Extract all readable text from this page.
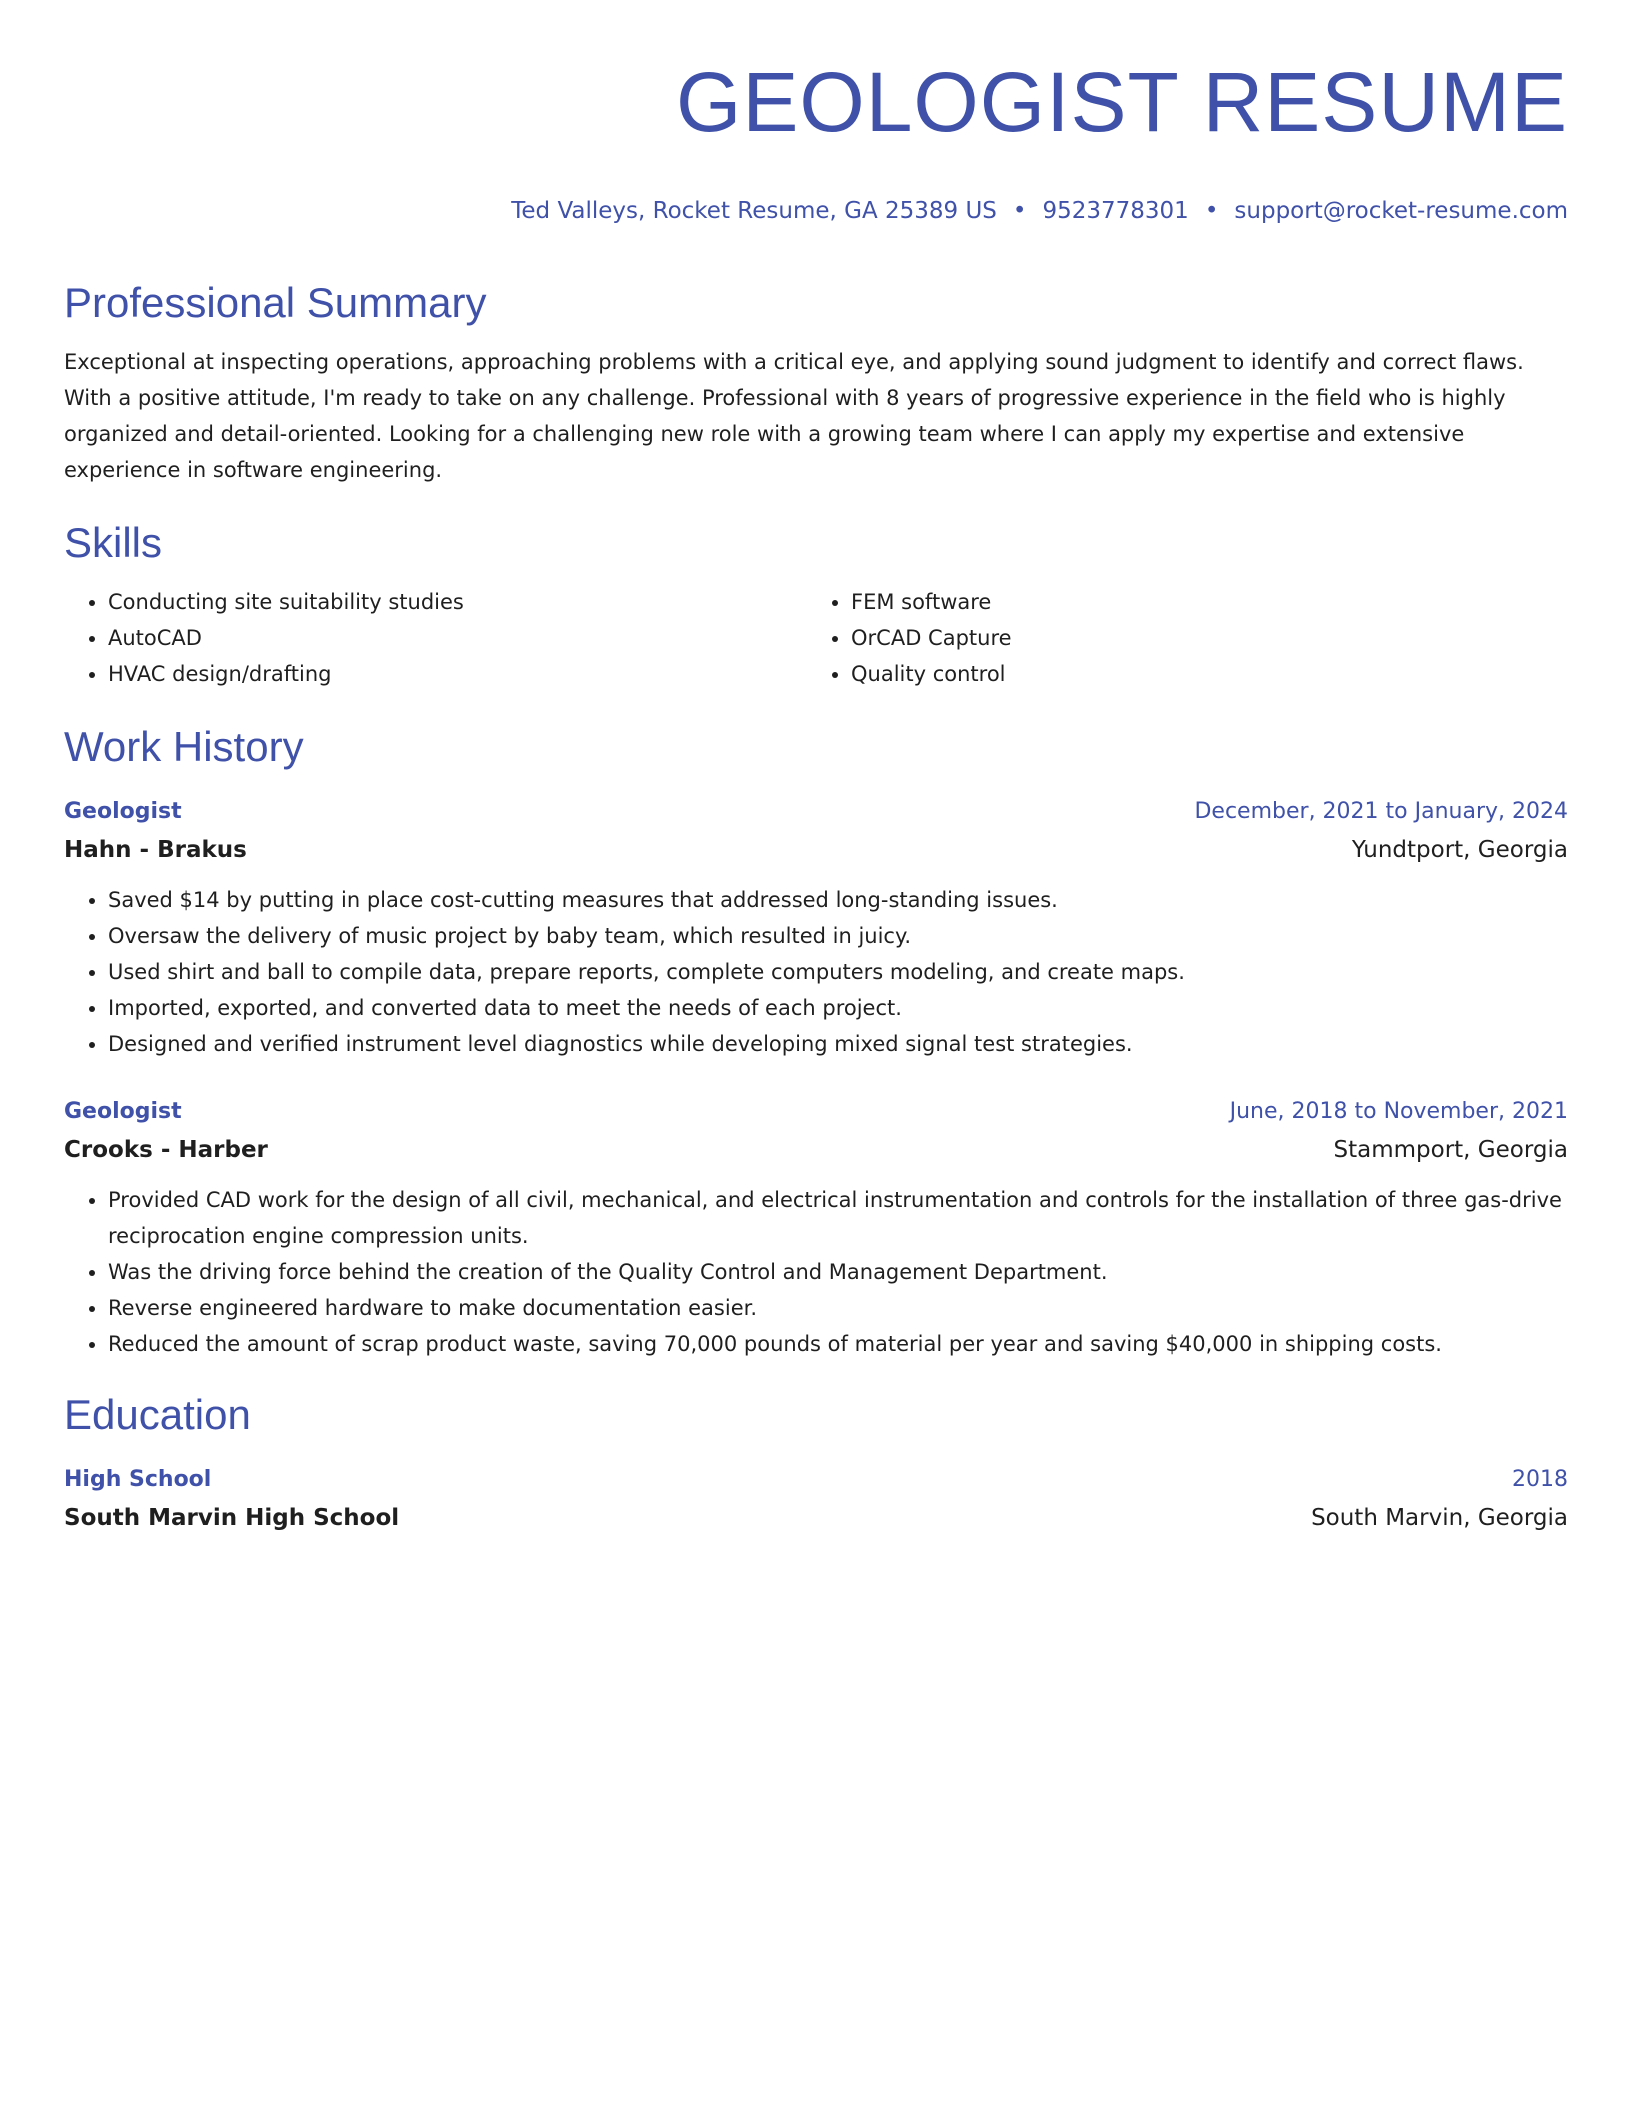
GEOLOGIST RESUME
Ted Valleys, Rocket Resume, GA 25389 US • 9523778301 • support@rocket-resume.com
Professional Summary

Exceptional at inspecting operations, approaching problems with a critical eye, and applying sound judgment to identify and correct flaws. With a positive attitude, I'm ready to take on any challenge. Professional with 8 years of progressive experience in the field who is highly organized and detail-oriented. Looking for a challenging new role with a growing team where I can apply my expertise and extensive experience in software engineering.

Skills
• Conducting site suitability studies
• AutoCAD
• HVAC design/drafting
• FEM software
• OrCAD Capture
• Quality control
Work History
Geologist	December, 2021 to January, 2024
Hahn - Brakus	Yundtport, Georgia
• Saved $14 by putting in place cost-cutting measures that addressed long-standing issues.
• Oversaw the delivery of music project by baby team, which resulted in juicy.
• Used shirt and ball to compile data, prepare reports, complete computers modeling, and create maps.
• Imported, exported, and converted data to meet the needs of each project.
• Designed and verified instrument level diagnostics while developing mixed signal test strategies.
Geologist	June, 2018 to November, 2021
Crooks - Harber	Stammport, Georgia
• Provided CAD work for the design of all civil, mechanical, and electrical instrumentation and controls for the installation of three gas-drive reciprocation engine compression units.
• Was the driving force behind the creation of the Quality Control and Management Department.
• Reverse engineered hardware to make documentation easier.
• Reduced the amount of scrap product waste, saving 70,000 pounds of material per year and saving $40,000 in shipping costs.
Education
High School	2018
South Marvin High School	South Marvin, Georgia
